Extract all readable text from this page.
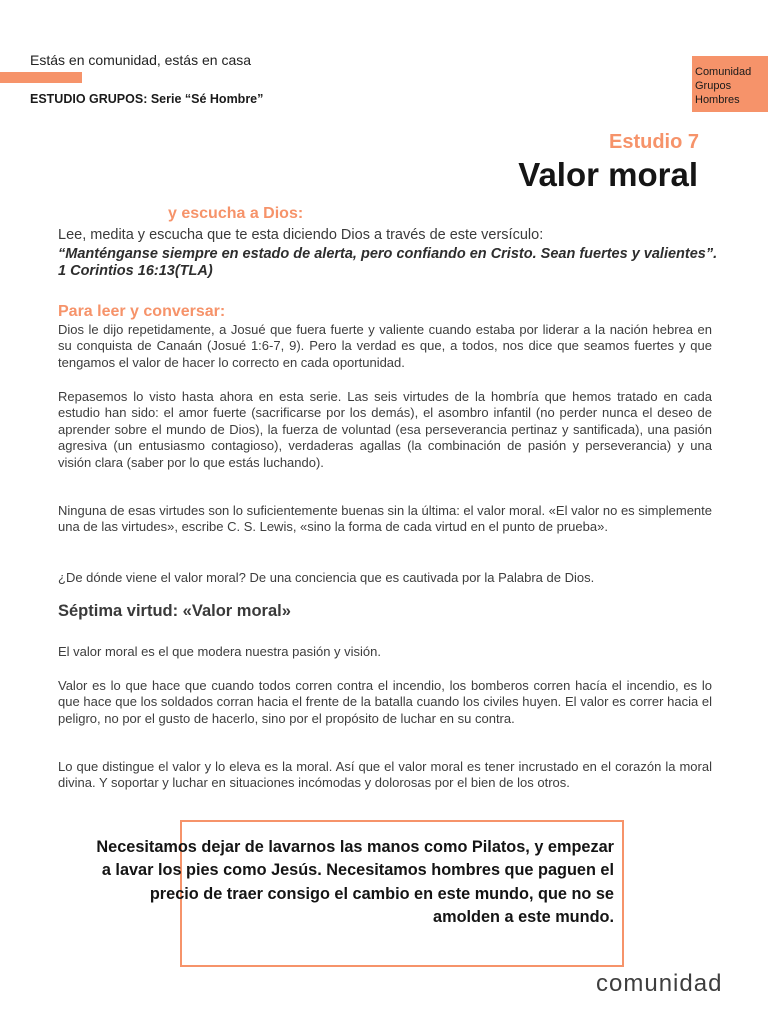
Estás en comunidad, estás en casa
ESTUDIO GRUPOS: Serie “Sé Hombre”
Comunidad
Grupos
Hombres
Estudio 7
Valor moral
y escucha a Dios:
Lee, medita y escucha que te esta diciendo Dios a través de este versículo:
“Manténganse siempre en estado de alerta, pero confiando en Cristo. Sean fuertes y valientes”. 1 Corintios 16:13(TLA)
Para leer y conversar:

Dios le dijo repetidamente, a Josué que fuera fuerte y valiente cuando estaba por liderar a la nación hebrea en su conquista de Canaán (Josué 1:6-7, 9). Pero la verdad es que, a todos, nos dice que seamos fuertes y que tengamos el valor de hacer lo correcto en cada oportunidad.

Repasemos lo visto hasta ahora en esta serie. Las seis virtudes de la hombría que hemos tratado en cada estudio han sido: el amor fuerte (sacrificarse por los demás), el asombro infantil (no perder nunca el deseo de aprender sobre el mundo de Dios), la fuerza de voluntad (esa perseverancia pertinaz y santificada), una pasión agresiva (un entusiasmo contagioso), verdaderas agallas (la combinación de pasión y perseverancia) y una visión clara (saber por lo que estás luchando).

Ninguna de esas virtudes son lo suficientemente buenas sin la última: el valor moral. «El valor no es simplemente una de las virtudes», escribe C. S. Lewis, «sino la forma de cada virtud en el punto de prueba».

¿De dónde viene el valor moral? De una conciencia que es cautivada por la Palabra de Dios.

Séptima virtud: «Valor moral»

El valor moral es el que modera nuestra pasión y visión.

Valor es lo que hace que cuando todos corren contra el incendio, los bomberos corren hacía el incendio, es lo que hace que los soldados corran hacia el frente de la batalla cuando los civiles huyen. El valor es correr hacia el peligro, no por el gusto de hacerlo, sino por el propósito de luchar en su contra.

Lo que distingue el valor y lo eleva es la moral. Así que el valor moral es tener incrustado en el corazón la moral divina. Y soportar y luchar en situaciones incómodas y dolorosas por el bien de los otros.

Necesitamos dejar de lavarnos las manos como Pilatos, y empezar a lavar los pies como Jesús. Necesitamos hombres que paguen el precio de traer consigo el cambio en este mundo, que no se amolden a este mundo.
comunidad
